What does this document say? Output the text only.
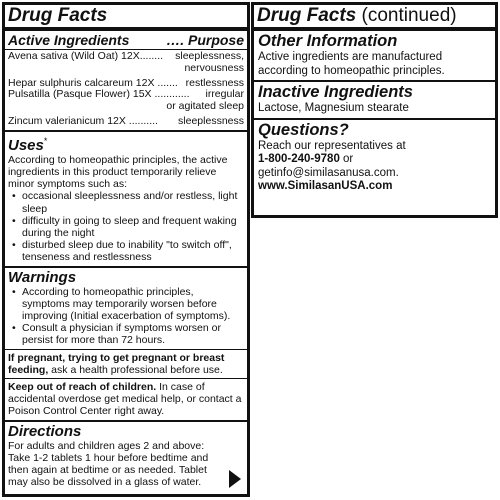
Drug Facts
Active Ingredients	…. Purpose
Avena sativa (Wild Oat) 12X........	sleeplessness,
nervousness
Hepar sulphuris calcareum 12X ....... restlessness
Pulsatilla (Pasque Flower) 15X ............	irregular
or agitated sleep
Zincum valerianicum 12X ..........	sleeplessness
Uses*
According to homeopathic principles, the active ingredients in this product temporarily relieve minor symptoms such as:
• occasional sleeplessness and/or restless, light sleep
• difficulty in going to sleep and frequent waking during the night
• disturbed sleep due to inability "to switch off", tenseness and restlessness
Warnings
• According to homeopathic principles, symptoms may temporarily worsen before improving (Initial exacerbation of symptoms).
• Consult a physician if symptoms worsen or persist for more than 72 hours.
If pregnant, trying to get pregnant or breast feeding, ask a health professional before use.
Keep out of reach of children. In case of accidental overdose get medical help, or contact a Poison Control Center right away.
Directions
For adults and children ages 2 and above: Take 1-2 tablets 1 hour before bedtime and then again at bedtime or as needed. Tablet may also be dissolved in a glass of water.
Drug Facts (continued)
Other Information
Active ingredients are manufactured according to homeopathic principles.
Inactive Ingredients
Lactose, Magnesium stearate
Questions?
Reach our representatives at
1-800-240-9780 or
getinfo@similasanusa.com.
www.SimilasanUSA.com
